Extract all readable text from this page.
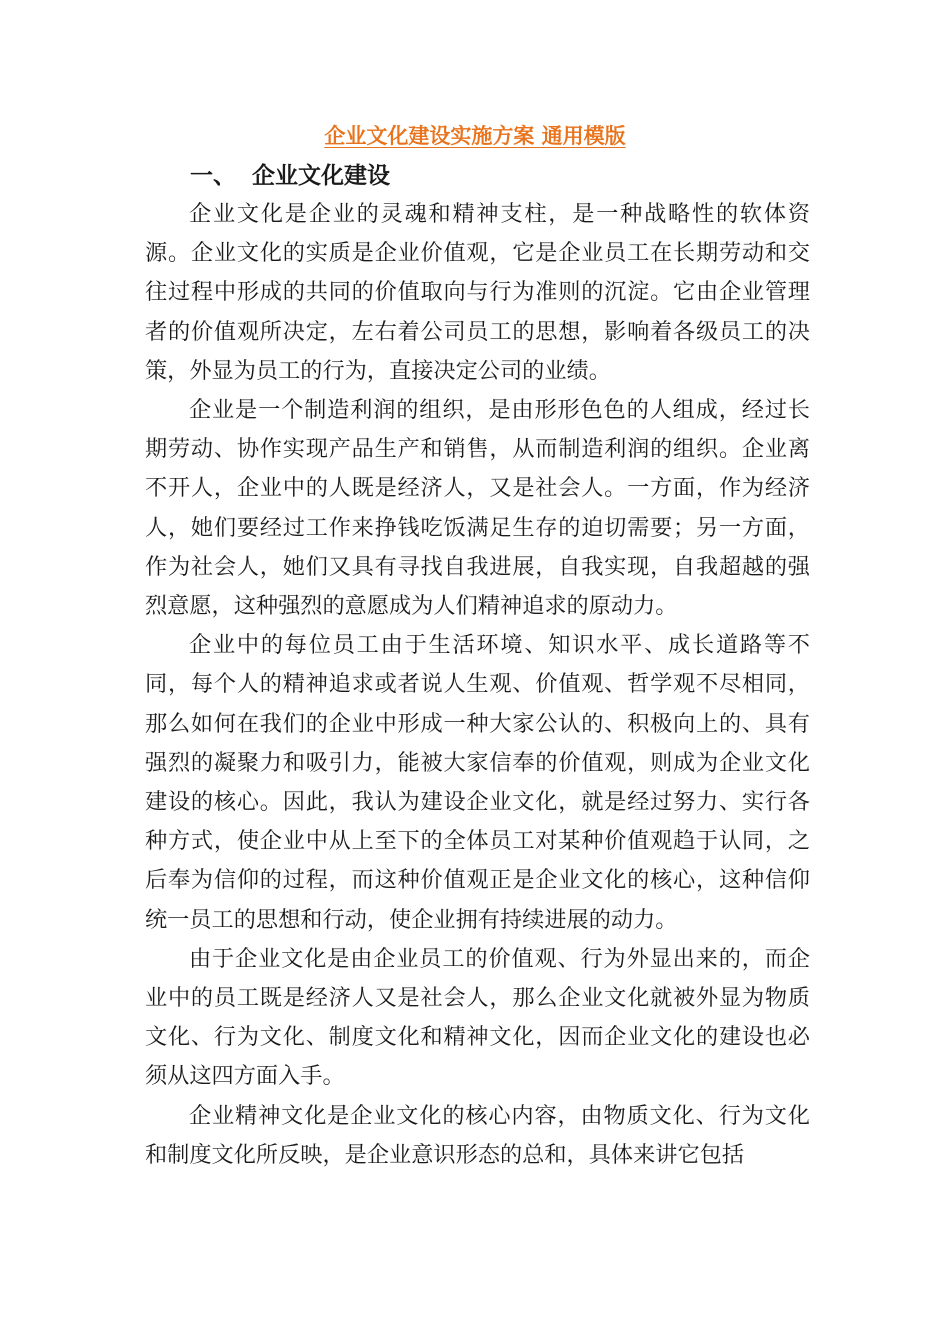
企业文化建设实施方案 通用模版
一、  企业文化建设

企业文化是企业的灵魂和精神支柱，是一种战略性的软体资源。企业文化的实质是企业价值观，它是企业员工在长期劳动和交往过程中形成的共同的价值取向与行为准则的沉淀。它由企业管理者的价值观所决定，左右着公司员工的思想，影响着各级员工的决策，外显为员工的行为，直接决定公司的业绩。

企业是一个制造利润的组织，是由形形色色的人组成，经过长期劳动、协作实现产品生产和销售，从而制造利润的组织。企业离不开人，企业中的人既是经济人，又是社会人。一方面，作为经济人，她们要经过工作来挣钱吃饭满足生存的迫切需要；另一方面，作为社会人，她们又具有寻找自我进展，自我实现，自我超越的强烈意愿，这种强烈的意愿成为人们精神追求的原动力。

企业中的每位员工由于生活环境、知识水平、成长道路等不同，每个人的精神追求或者说人生观、价值观、哲学观不尽相同，那么如何在我们的企业中形成一种大家公认的、积极向上的、具有强烈的凝聚力和吸引力，能被大家信奉的价值观，则成为企业文化建设的核心。因此，我认为建设企业文化，就是经过努力、实行各种方式，使企业中从上至下的全体员工对某种价值观趋于认同，之后奉为信仰的过程，而这种价值观正是企业文化的核心，这种信仰统一员工的思想和行动，使企业拥有持续进展的动力。

由于企业文化是由企业员工的价值观、行为外显出来的，而企业中的员工既是经济人又是社会人，那么企业文化就被外显为物质文化、行为文化、制度文化和精神文化，因而企业文化的建设也必须从这四方面入手。

企业精神文化是企业文化的核心内容，由物质文化、行为文化和制度文化所反映，是企业意识形态的总和，具体来讲它包括
